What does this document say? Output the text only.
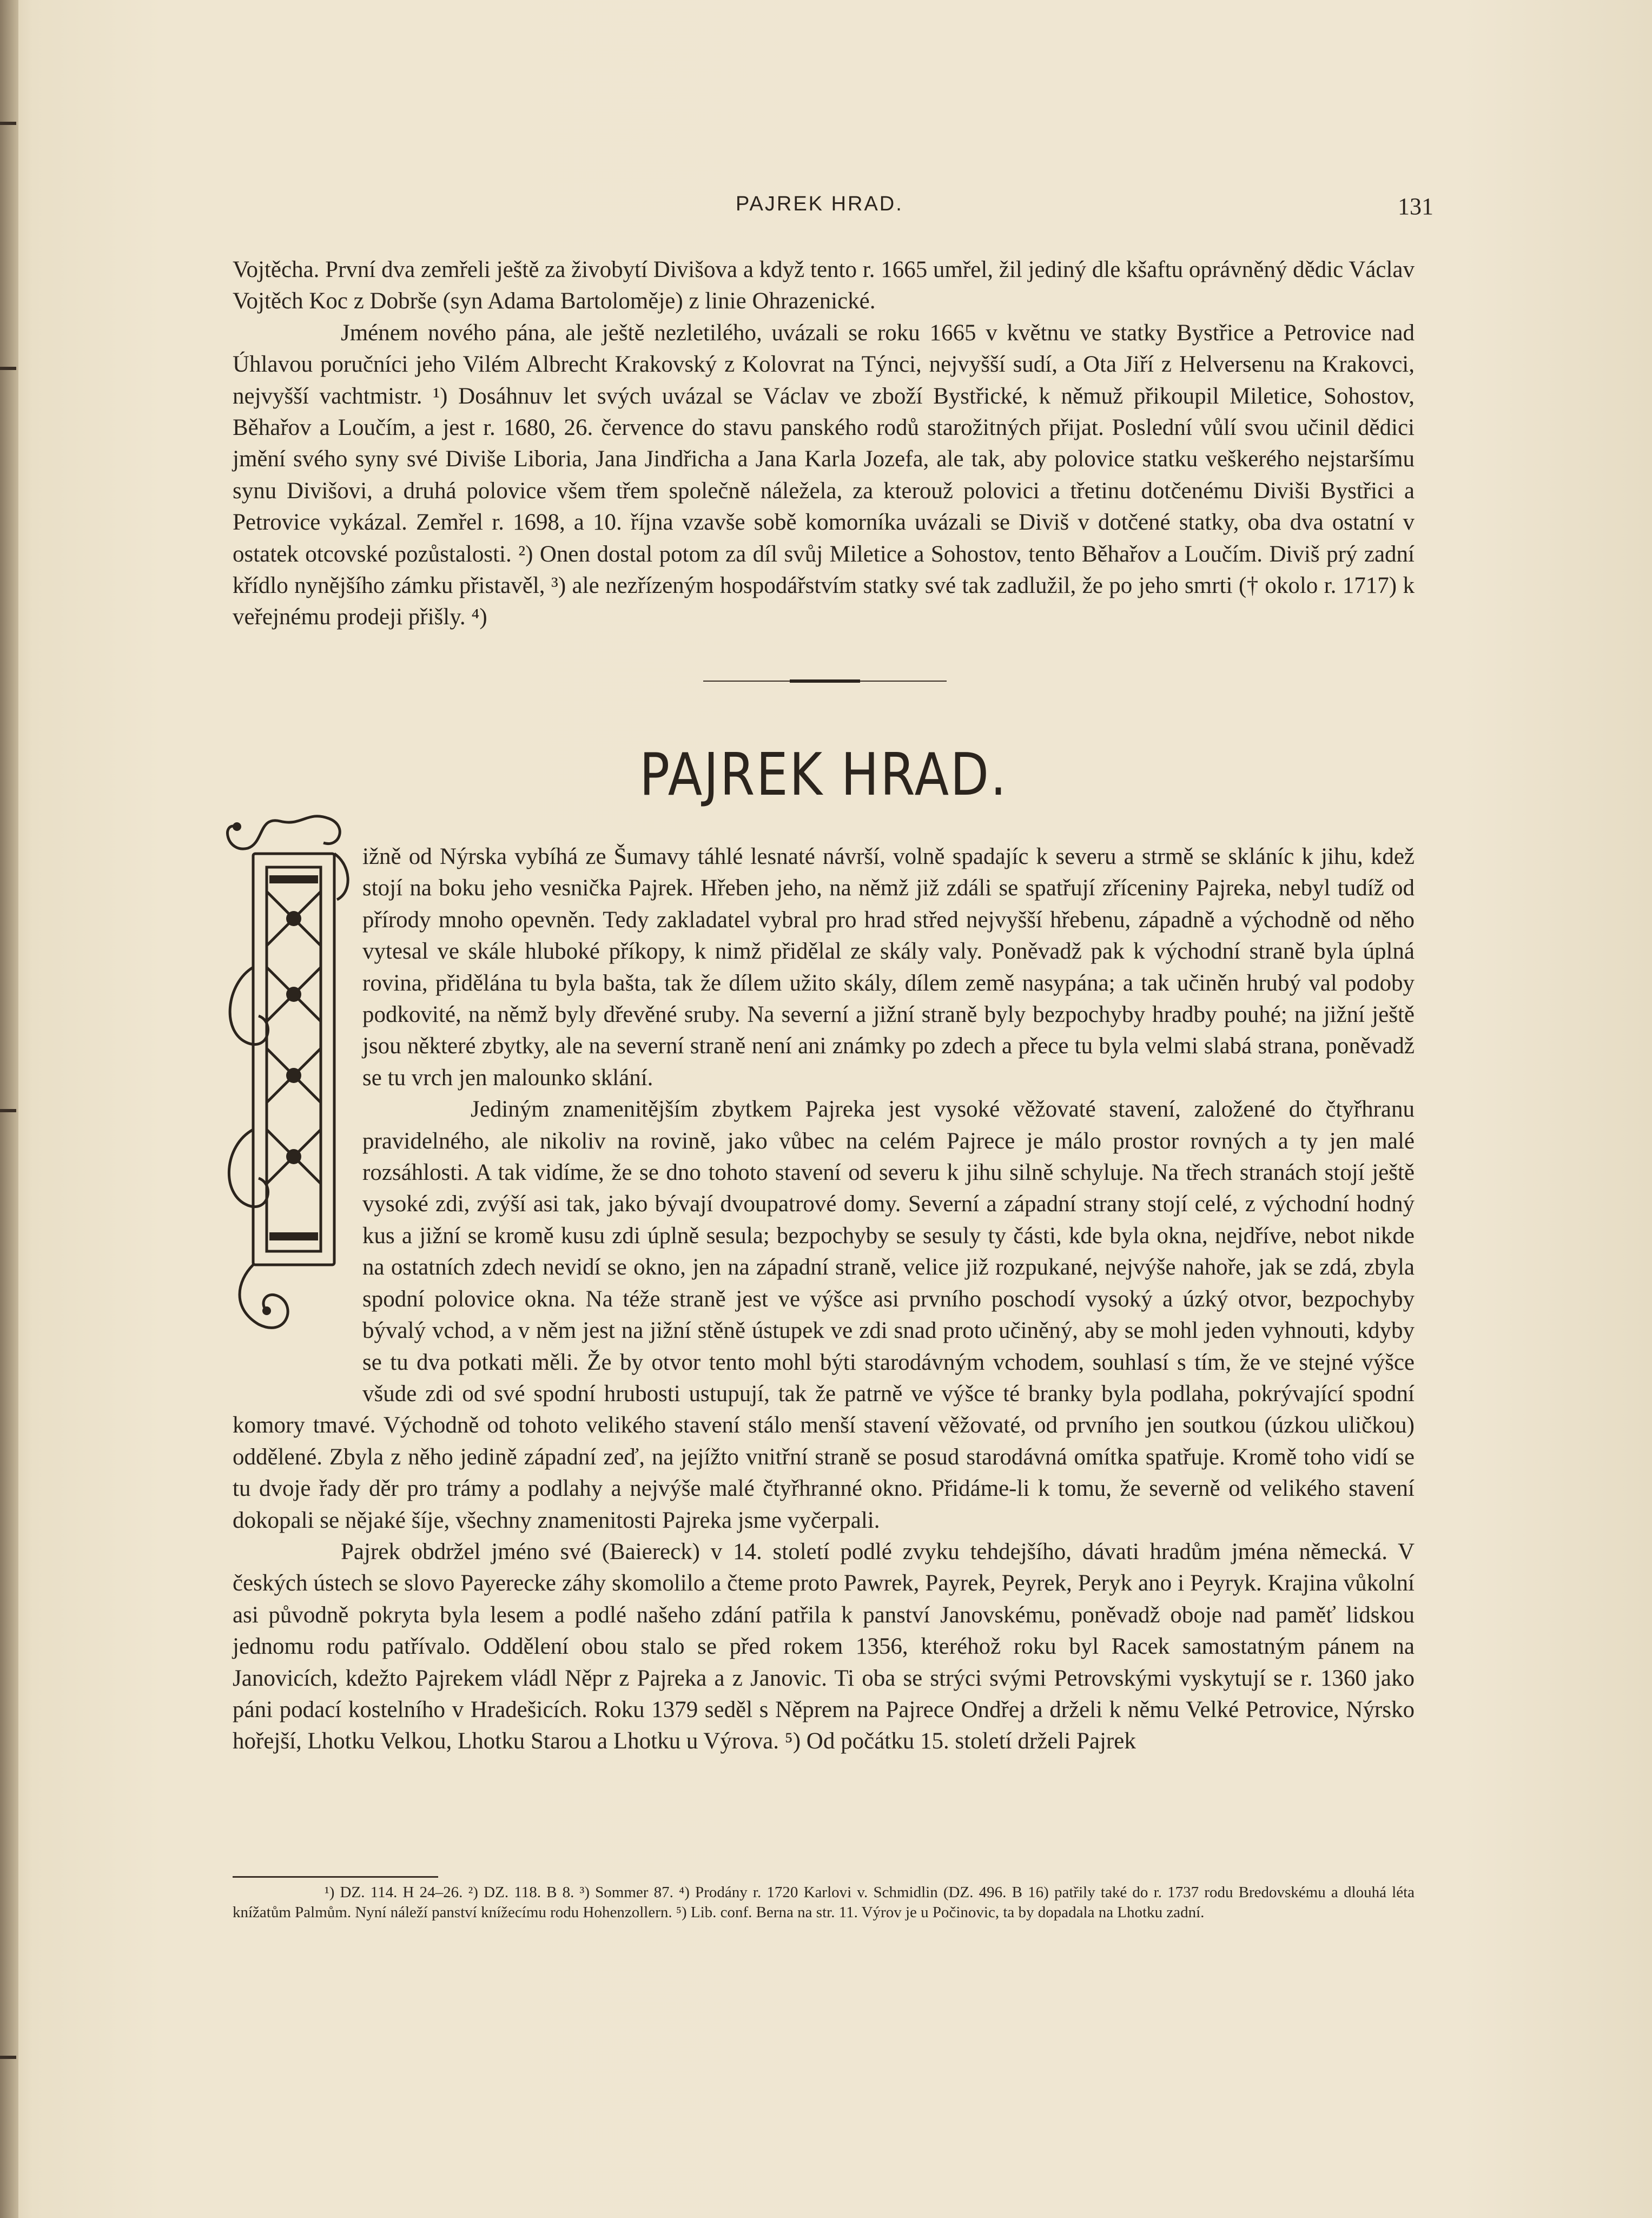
PAJREK HRAD.	131

Vojtěcha. První dva zemřeli ještě za živobytí Divišova a když tento r. 1665 umřel, žil jediný dle kšaftu oprávněný dědic Václav Vojtěch Koc z Dobrše (syn Adama Bartoloměje) z linie Ohrazenické.

Jménem nového pána, ale ještě nezletilého, uvázali se roku 1665 v květnu ve statky Bystřice a Petrovice nad Úhlavou poručníci jeho Vilém Albrecht Krakovský z Kolovrat na Týnci, nejvyšší sudí, a Ota Jiří z Helversenu na Krakovci, nejvyšší vachtmistr. ¹) Dosáhnuv let svých uvázal se Václav ve zboží Bystřické, k němuž přikoupil Miletice, Sohostov, Běhařov a Loučím, a jest r. 1680, 26. července do stavu panského rodů starožitných přijat. Poslední vůlí svou učinil dědici jmění svého syny své Diviše Liboria, Jana Jindřicha a Jana Karla Jozefa, ale tak, aby polovice statku veškerého nejstaršímu synu Divišovi, a druhá polovice všem třem společně náležela, za kterouž polovici a třetinu dotčenému Diviši Bystřici a Petrovice vykázal. Zemřel r. 1698, a 10. října vzavše sobě komorníka uvázali se Diviš v dotčené statky, oba dva ostatní v ostatek otcovské pozůstalosti. ²) Onen dostal potom za díl svůj Miletice a Sohostov, tento Běhařov a Loučím. Diviš prý zadní křídlo nynějšího zámku přistavěl, ³) ale nezřízeným hospodářstvím statky své tak zadlužil, že po jeho smrti († okolo r. 1717) k veřejnému prodeji přišly. ⁴)

PAJREK HRAD.

ižně od Nýrska vybíhá ze Šumavy táhlé lesnaté návrší, volně spadajíc k severu a strmě se skláníc k jihu, kdež stojí na boku jeho vesnička Pajrek. Hřeben jeho, na němž již zdáli se spatřují zříceniny Pajreka, nebyl tudíž od přírody mnoho opevněn. Tedy zakladatel vybral pro hrad střed nejvyšší hřebenu, západně a východně od něho vytesal ve skále hluboké příkopy, k nimž přidělal ze skály valy. Poněvadž pak k východní straně byla úplná rovina, přidělána tu byla bašta, tak že dílem užito skály, dílem země nasypána; a tak učiněn hrubý val podoby podkovité, na němž byly dřevěné sruby. Na severní a jižní straně byly bezpochyby hradby pouhé; na jižní ještě jsou některé zbytky, ale na severní straně není ani známky po zdech a přece tu byla velmi slabá strana, poněvadž se tu vrch jen malounko sklání.

Jediným znamenitějším zbytkem Pajreka jest vysoké věžovaté stavení, založené do čtyřhranu pravidelného, ale nikoliv na rovině, jako vůbec na celém Pajrece je málo prostor rovných a ty jen malé rozsáhlosti. A tak vidíme, že se dno tohoto stavení od severu k jihu silně schyluje. Na třech stranách stojí ještě vysoké zdi, zvýší asi tak, jako bývají dvoupatrové domy. Severní a západní strany stojí celé, z východní hodný kus a jižní se kromě kusu zdi úplně sesula; bezpochyby se sesuly ty části, kde byla okna, nejdříve, nebot nikde na ostatních zdech nevidí se okno, jen na západní straně, velice již rozpukané, nejvýše nahoře, jak se zdá, zbyla spodní polovice okna. Na téže straně jest ve výšce asi prvního poschodí vysoký a úzký otvor, bezpochyby bývalý vchod, a v něm jest na jižní stěně ústupek ve zdi snad proto učiněný, aby se mohl jeden vyhnouti, kdyby se tu dva potkati měli. Že by otvor tento mohl býti starodávným vchodem, souhlasí s tím, že ve stejné výšce všude zdi od své spodní hrubosti ustupují, tak že patrně ve výšce té branky byla podlaha, pokrývající spodní komory tmavé. Východně od tohoto velikého stavení stálo menší stavení věžovaté, od prvního jen soutkou (úzkou uličkou) oddělené. Zbyla z něho jedině západní zeď, na jejížto vnitřní straně se posud starodávná omítka spatřuje. Kromě toho vidí se tu dvoje řady děr pro trámy a podlahy a nejvýše malé čtyřhranné okno. Přidáme-li k tomu, že severně od velikého stavení dokopali se nějaké šíje, všechny znamenitosti Pajreka jsme vyčerpali.

Pajrek obdržel jméno své (Baiereck) v 14. století podlé zvyku tehdejšího, dávati hradům jména německá. V českých ústech se slovo Payerecke záhy skomolilo a čteme proto Pawrek, Payrek, Peyrek, Peryk ano i Peyryk. Krajina vůkolní asi původně pokryta byla lesem a podlé našeho zdání patřila k panství Janovskému, poněvadž oboje nad paměť lidskou jednomu rodu patřívalo. Oddělení obou stalo se před rokem 1356, kteréhož roku byl Racek samostatným pánem na Janovicích, kdežto Pajrekem vládl Něpr z Pajreka a z Janovic. Ti oba se strýci svými Petrovskými vyskytují se r. 1360 jako páni podací kostelního v Hradešicích. Roku 1379 seděl s Něprem na Pajrece Ondřej a drželi k němu Velké Petrovice, Nýrsko hořejší, Lhotku Velkou, Lhotku Starou a Lhotku u Výrova. ⁵) Od počátku 15. století drželi Pajrek

¹) DZ. 114. H 24–26. ²) DZ. 118. B 8. ³) Sommer 87. ⁴) Prodány r. 1720 Karlovi v. Schmidlin (DZ. 496. B 16) patřily také do r. 1737 rodu Bredovskému a dlouhá léta knížatům Palmům. Nyní náleží panství knížecímu rodu Hohenzollern. ⁵) Lib. conf. Berna na str. 11. Výrov je u Počinovic, ta by dopadala na Lhotku zadní.
